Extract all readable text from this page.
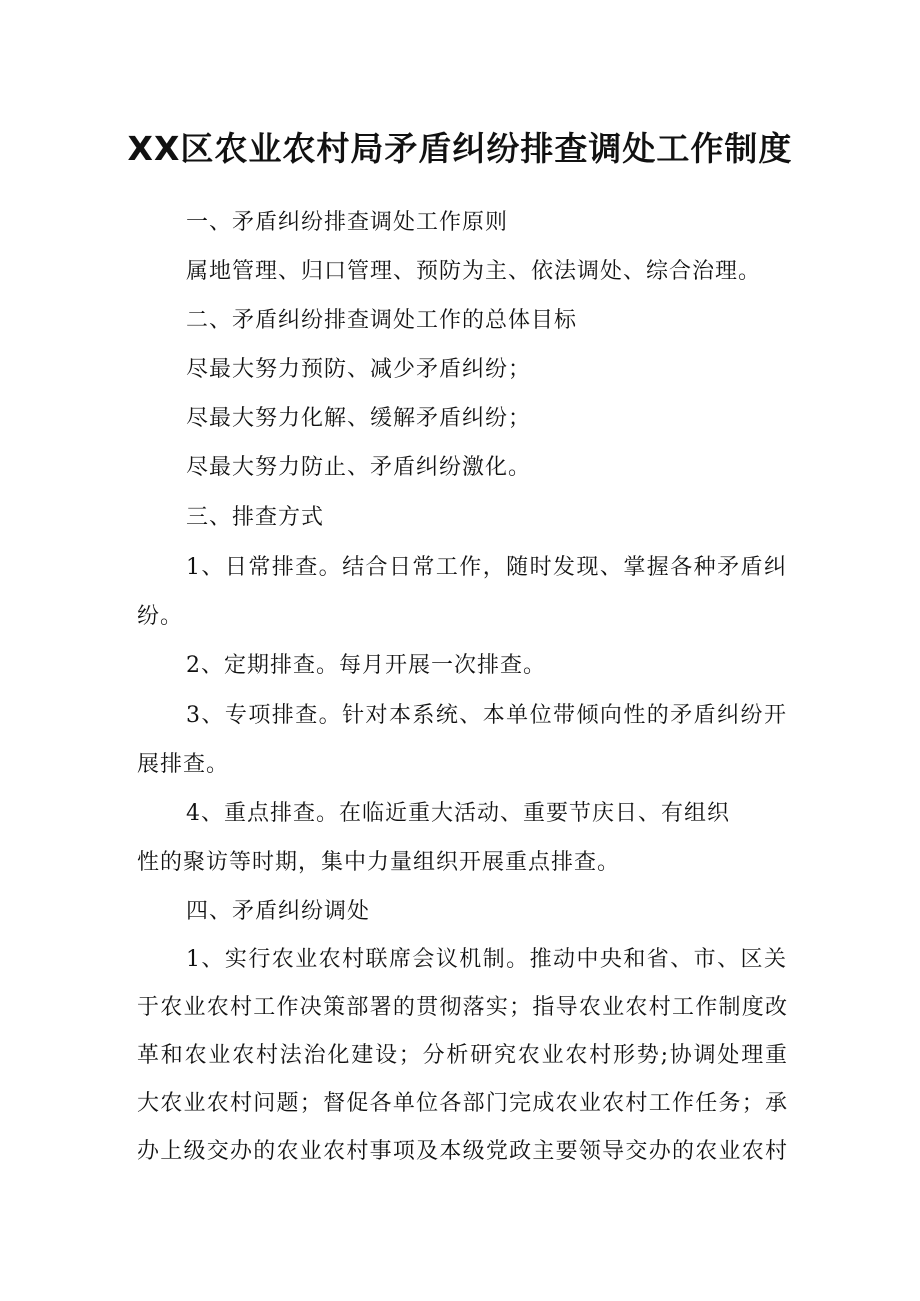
XX区农业农村局矛盾纠纷排查调处工作制度
一、矛盾纠纷排查调处工作原则
属地管理、归口管理、预防为主、依法调处、综合治理。
二、矛盾纠纷排查调处工作的总体目标
尽最大努力预防、减少矛盾纠纷；
尽最大努力化解、缓解矛盾纠纷；
尽最大努力防止、矛盾纠纷激化。
三、排查方式
1、日常排查。结合日常工作，随时发现、掌握各种矛盾纠
纷。
2、定期排查。每月开展一次排查。
3、专项排查。针对本系统、本单位带倾向性的矛盾纠纷开
展排查。
4、重点排查。在临近重大活动、重要节庆日、有组织
性的聚访等时期，集中力量组织开展重点排查。
四、矛盾纠纷调处
1、实行农业农村联席会议机制。推动中央和省、市、区关
于农业农村工作决策部署的贯彻落实；指导农业农村工作制度改
革和农业农村法治化建设；分析研究农业农村形势;协调处理重
大农业农村问题；督促各单位各部门完成农业农村工作任务；承
办上级交办的农业农村事项及本级党政主要领导交办的农业农村
